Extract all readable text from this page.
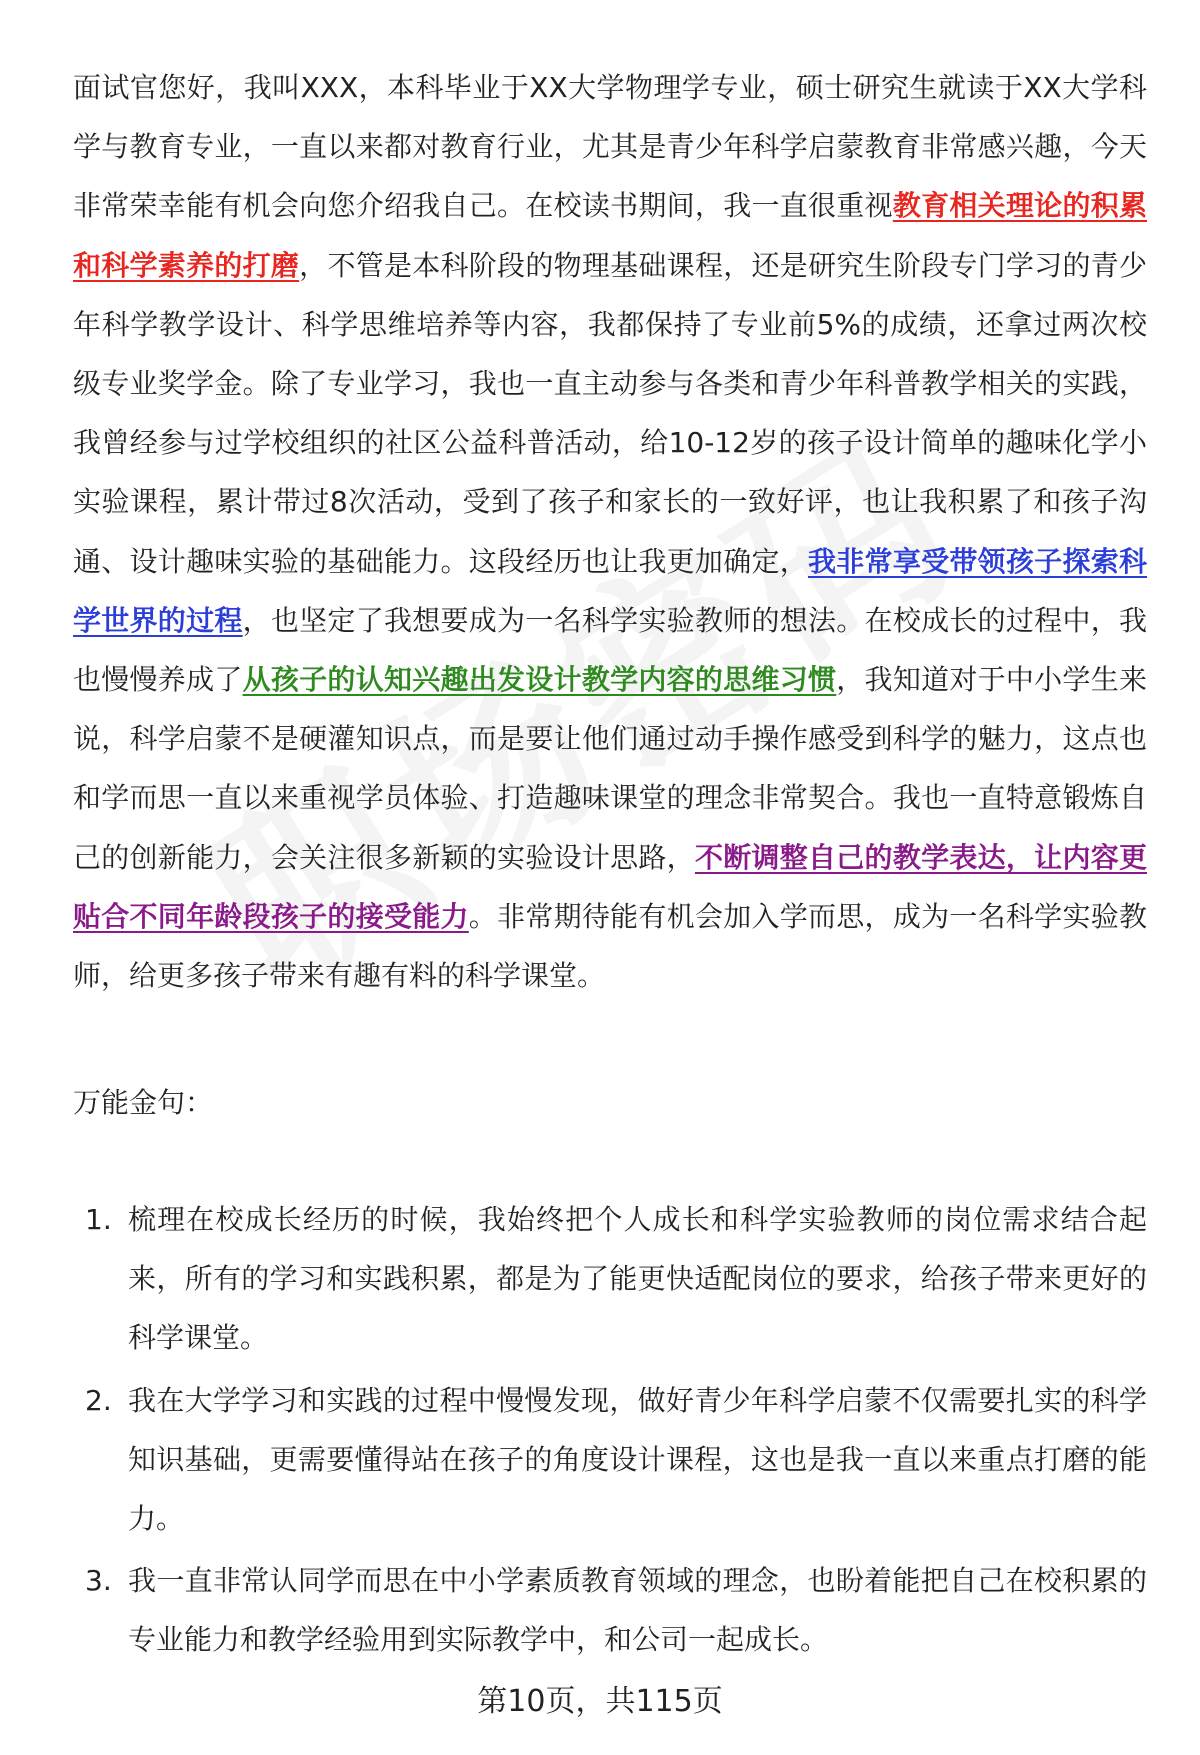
面试官您好，我叫XXX，本科毕业于XX大学物理学专业，硕士研究生就读于XX大学科学与教育专业，一直以来都对教育行业，尤其是青少年科学启蒙教育非常感兴趣，今天非常荣幸能有机会向您介绍我自己。在校读书期间，我一直很重视教育相关理论的积累和科学素养的打磨，不管是本科阶段的物理基础课程，还是研究生阶段专门学习的青少年科学教学设计、科学思维培养等内容，我都保持了专业前5%的成绩，还拿过两次校级专业奖学金。除了专业学习，我也一直主动参与各类和青少年科普教学相关的实践，我曾经参与过学校组织的社区公益科普活动，给10-12岁的孩子设计简单的趣味化学小实验课程，累计带过8次活动，受到了孩子和家长的一致好评，也让我积累了和孩子沟通、设计趣味实验的基础能力。这段经历也让我更加确定，我非常享受带领孩子探索科学世界的过程，也坚定了我想要成为一名科学实验教师的想法。在校成长的过程中，我也慢慢养成了从孩子的认知兴趣出发设计教学内容的思维习惯，我知道对于中小学生来说，科学启蒙不是硬灌知识点，而是要让他们通过动手操作感受到科学的魅力，这点也和学而思一直以来重视学员体验、打造趣味课堂的理念非常契合。我也一直特意锻炼自己的创新能力，会关注很多新颖的实验设计思路，不断调整自己的教学表达，让内容更贴合不同年龄段孩子的接受能力。非常期待能有机会加入学而思，成为一名科学实验教师，给更多孩子带来有趣有料的科学课堂。

万能金句：
1. 梳理在校成长经历的时候，我始终把个人成长和科学实验教师的岗位需求结合起来，所有的学习和实践积累，都是为了能更快适配岗位的要求，给孩子带来更好的科学课堂。
2. 我在大学学习和实践的过程中慢慢发现，做好青少年科学启蒙不仅需要扎实的科学知识基础，更需要懂得站在孩子的角度设计课程，这也是我一直以来重点打磨的能力。
3. 我一直非常认同学而思在中小学素质教育领域的理念，也盼着能把自己在校积累的专业能力和教学经验用到实际教学中，和公司一起成长。

第10页，共115页
